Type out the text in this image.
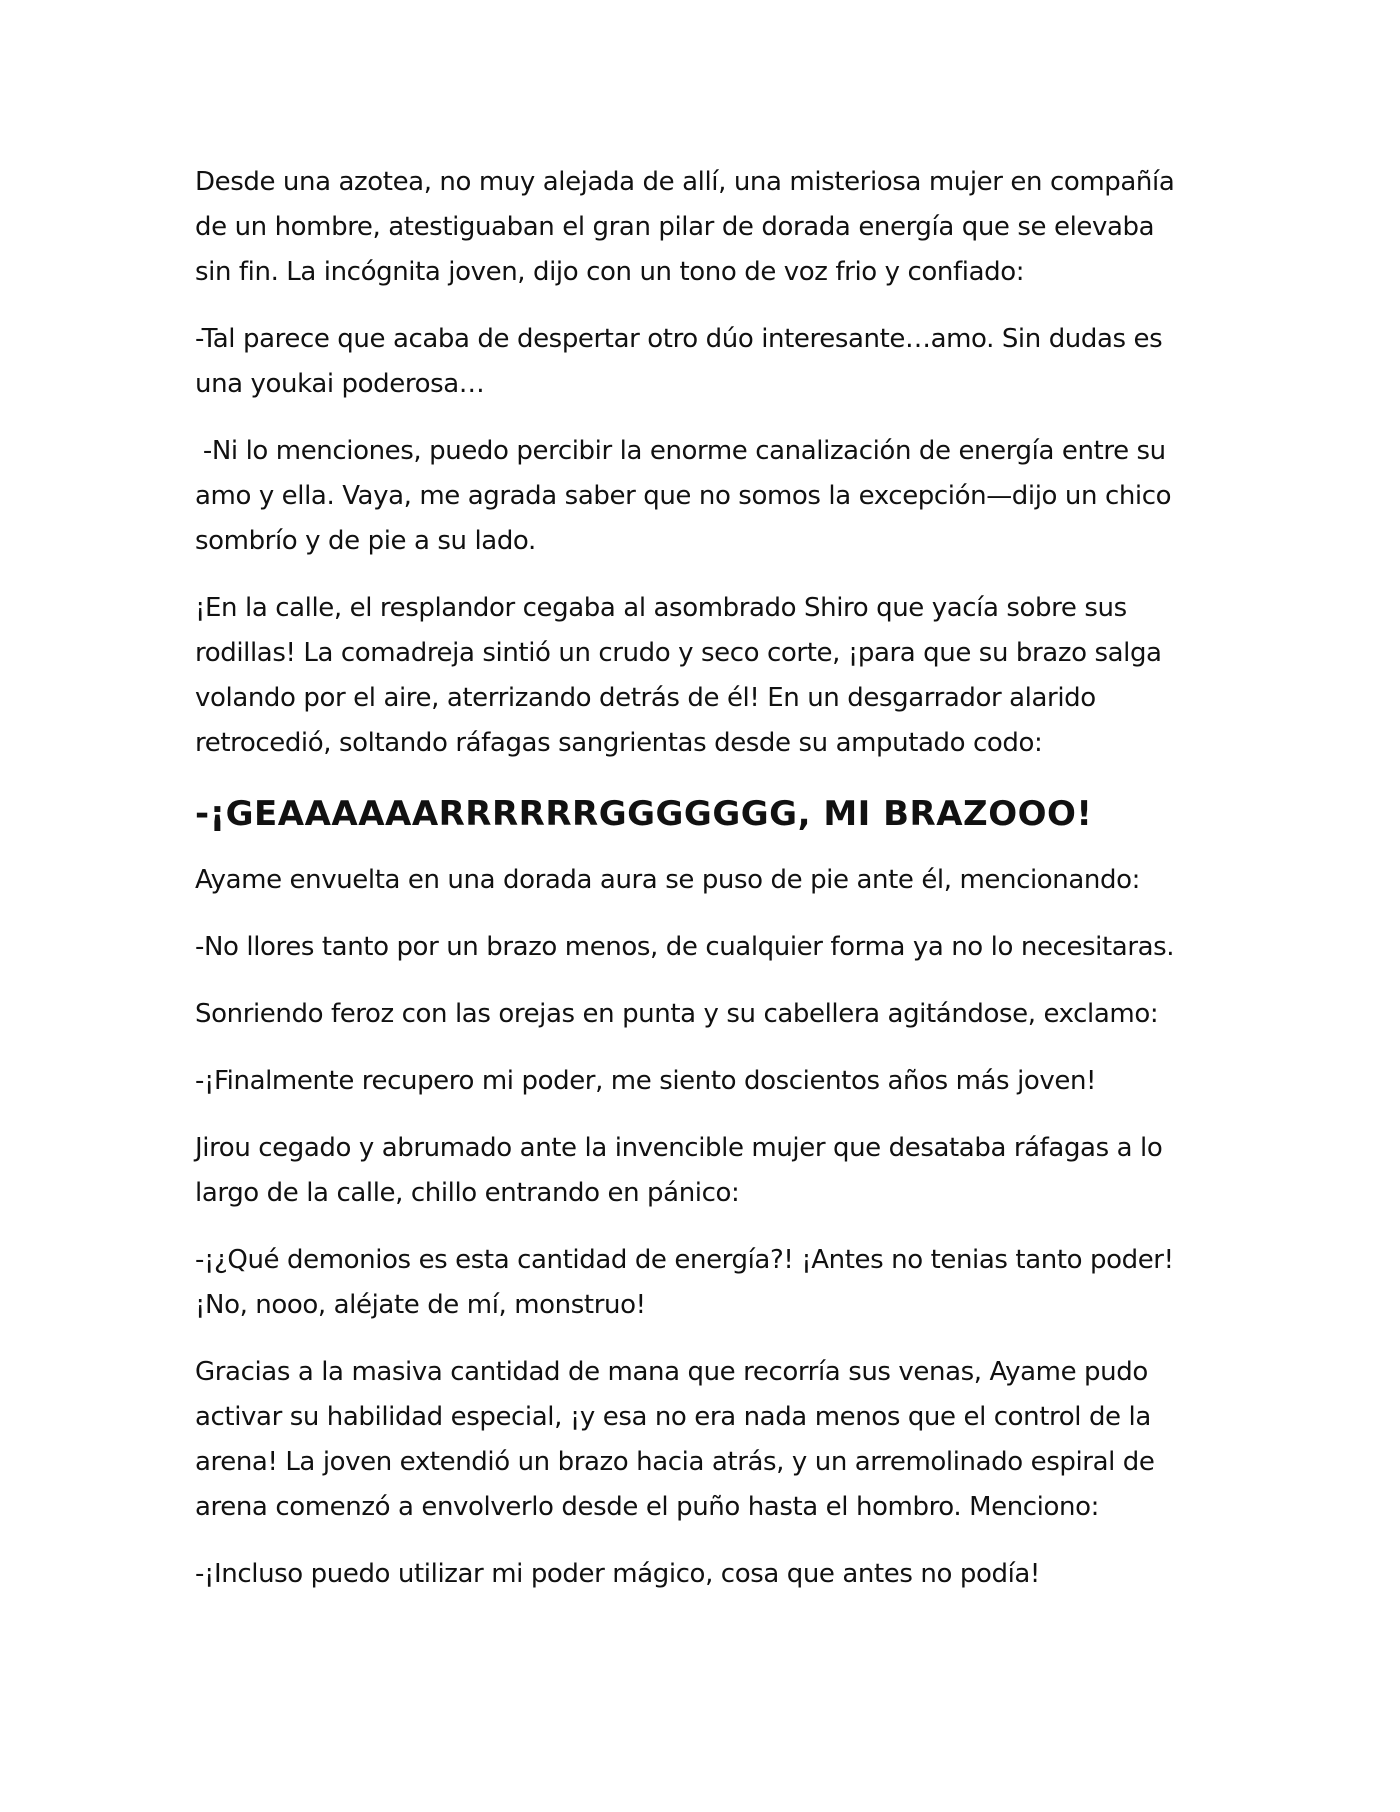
Desde una azotea, no muy alejada de allí, una misteriosa mujer en compañía
de un hombre, atestiguaban el gran pilar de dorada energía que se elevaba
sin fin. La incógnita joven, dijo con un tono de voz frio y confiado:

-Tal parece que acaba de despertar otro dúo interesante…amo. Sin dudas es
una youkai poderosa…

-Ni lo menciones, puedo percibir la enorme canalización de energía entre su
amo y ella. Vaya, me agrada saber que no somos la excepción—dijo un chico
sombrío y de pie a su lado.

¡En la calle, el resplandor cegaba al asombrado Shiro que yacía sobre sus
rodillas! La comadreja sintió un crudo y seco corte, ¡para que su brazo salga
volando por el aire, aterrizando detrás de él! En un desgarrador alarido
retrocedió, soltando ráfagas sangrientas desde su amputado codo:

-¡GEAAAAAARRRRRRGGGGGGG, MI BRAZOOO!

Ayame envuelta en una dorada aura se puso de pie ante él, mencionando:

-No llores tanto por un brazo menos, de cualquier forma ya no lo necesitaras.

Sonriendo feroz con las orejas en punta y su cabellera agitándose, exclamo:

-¡Finalmente recupero mi poder, me siento doscientos años más joven!

Jirou cegado y abrumado ante la invencible mujer que desataba ráfagas a lo
largo de la calle, chillo entrando en pánico:

-¡¿Qué demonios es esta cantidad de energía?! ¡Antes no tenias tanto poder!
¡No, nooo, aléjate de mí, monstruo!

Gracias a la masiva cantidad de mana que recorría sus venas, Ayame pudo
activar su habilidad especial, ¡y esa no era nada menos que el control de la
arena! La joven extendió un brazo hacia atrás, y un arremolinado espiral de
arena comenzó a envolverlo desde el puño hasta el hombro. Menciono:

-¡Incluso puedo utilizar mi poder mágico, cosa que antes no podía!
